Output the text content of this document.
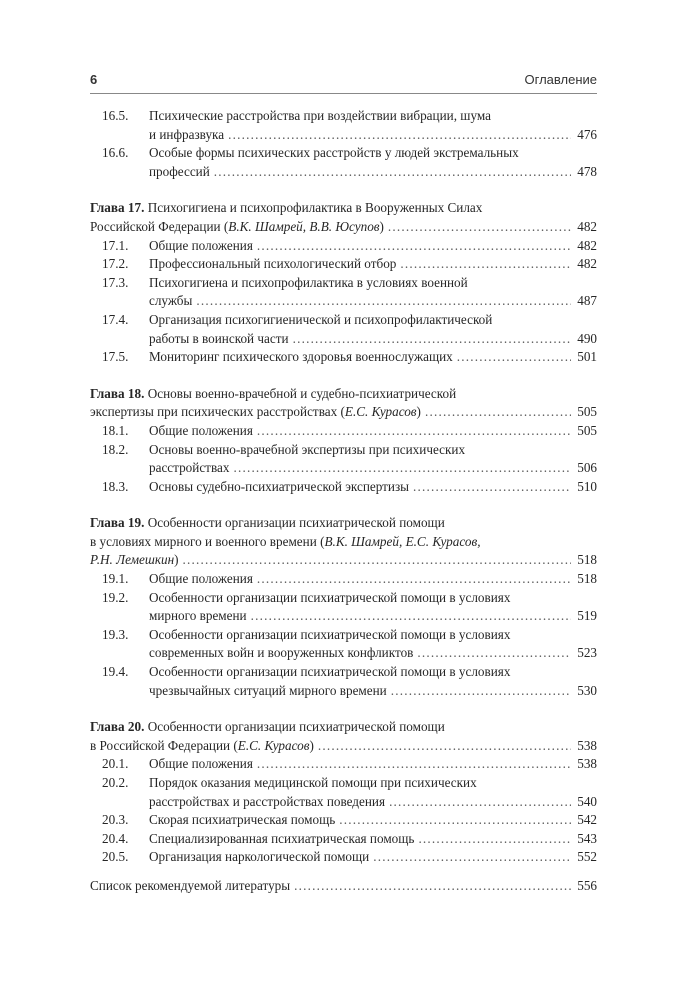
6	Оглавление
16.5.	Психические расстройства при воздействии вибрации, шума
и инфразвука .....	476
16.6.	Особые формы психических расстройств у людей экстремальных
профессий .....	478
Глава 17.
Психогигиена и психопрофилактика в Вооруженных Силах
Российской Федерации ( В.К. Шамрей, В.В. Юсупов ) .....	482
17.1.	Общие положения .....	482
17.2.	Профессиональный психологический отбор .....	482
17.3.	Психогигиена и психопрофилактика в условиях военной
службы .....	487
17.4.	Организация психогигиенической и психопрофилактической
работы в воинской части .....	490
17.5.	Мониторинг психического здоровья военнослужащих .....	501
Глава 18.
Основы военно-врачебной и судебно-психиатрической
экспертизы при психических расстройствах ( Е.С. Курасов ) .....	505
18.1.	Общие положения .....	505
18.2.	Основы военно-врачебной экспертизы при психических
расстройствах .....	506
18.3.	Основы судебно-психиатрической экспертизы .....	510
Глава 19.
Особенности организации психиатрической помощи
в условиях мирного и военного времени ( В.К. Шамрей, Е.С. Курасов,
Р.Н. Лемешкин ) .....	518
19.1.	Общие положения .....	518
19.2.	Особенности организации психиатрической помощи в условиях
мирного времени .....	519
19.3.	Особенности организации психиатрической помощи в условиях
современных войн и вооруженных конфликтов .....	523
19.4.	Особенности организации психиатрической помощи в условиях
чрезвычайных ситуаций мирного времени .....	530
Глава 20.
Особенности организации психиатрической помощи
в Российской Федерации ( Е.С. Курасов ) .....	538
20.1.	Общие положения .....	538
20.2.	Порядок оказания медицинской помощи при психических
расстройствах и расстройствах поведения .....	540
20.3.	Скорая психиатрическая помощь .....	542
20.4.	Специализированная психиатрическая помощь .....	543
20.5.	Организация наркологической помощи .....	552
Список рекомендуемой литературы .....	556
